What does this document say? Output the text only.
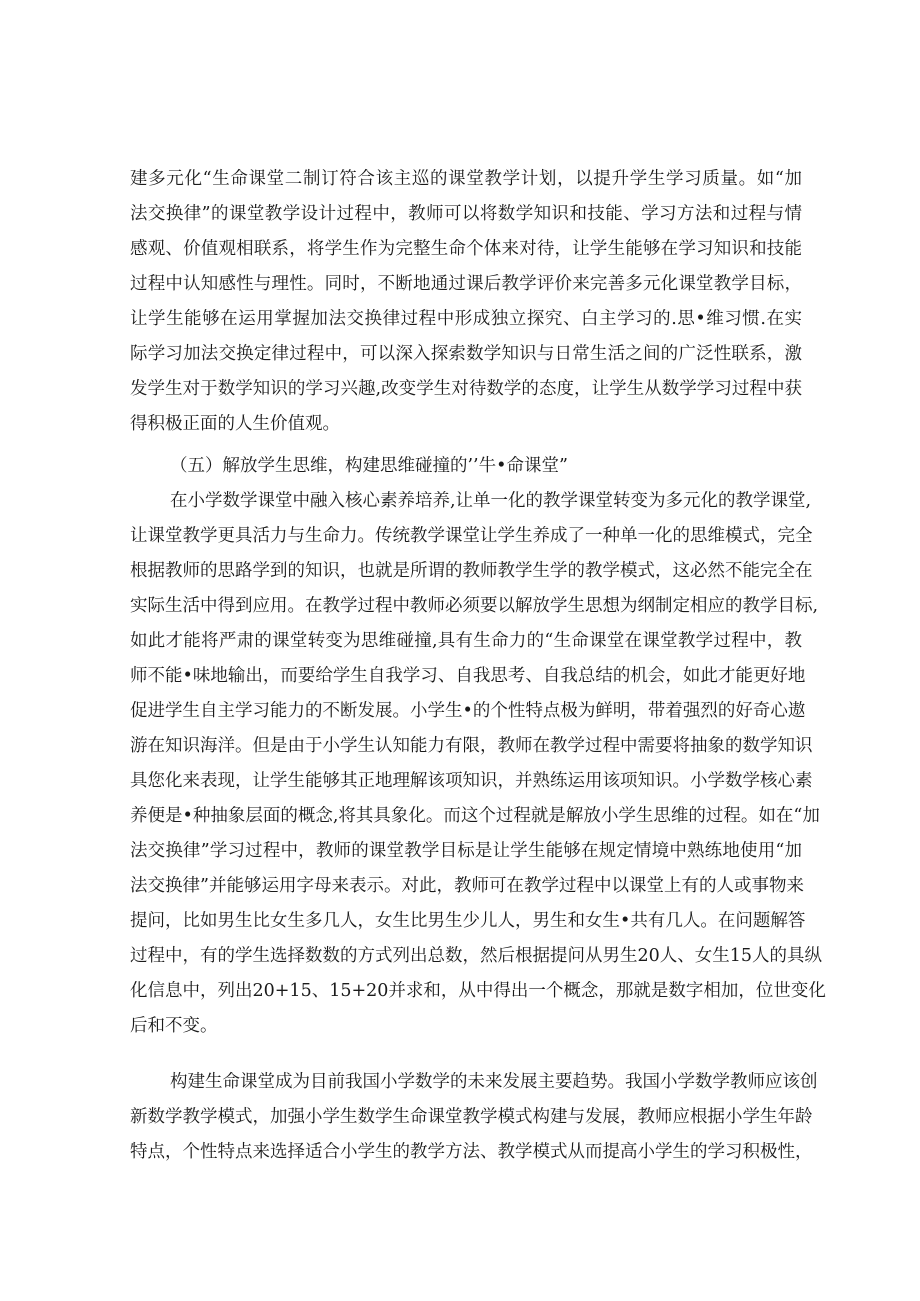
建多元化“生命课堂二制订符合该主巡的课堂教学计划，以提升学生学习质量。如“加
法交换律”的课堂教学设计过程中，教师可以将数学知识和技能、学习方法和过程与情
感观、价值观相联系，将学生作为完整生命个体来对待，让学生能够在学习知识和技能
过程中认知感性与理性。同时，不断地通过课后教学评价来完善多元化课堂教学目标，
让学生能够在运用掌握加法交换律过程中形成独立探究、白主学习的.思•维习惯.在实
际学习加法交换定律过程中，可以深入探索数学知识与日常生活之间的广泛性联系，激
发学生对于数学知识的学习兴趣,改变学生对待数学的态度，让学生从数学学习过程中获
得积极正面的人生价值观。
（五）解放学生思维，构建思维碰撞的’’牛•命课堂”
在小学数学课堂中融入核心素养培养,让单一化的教学课堂转变为多元化的教学课堂,
让课堂教学更具活力与生命力。传统教学课堂让学生养成了一种单一化的思维模式，完全
根据教师的思路学到的知识，也就是所谓的教师教学生学的教学模式，这必然不能完全在
实际生活中得到应用。在教学过程中教师必须要以解放学生思想为纲制定相应的教学目标,
如此才能将严肃的课堂转变为思维碰撞,具有生命力的“生命课堂在课堂教学过程中，教
师不能•味地输出，而要给学生自我学习、自我思考、自我总结的机会，如此才能更好地
促进学生自主学习能力的不断发展。小学生•的个性特点极为鲜明，带着强烈的好奇心遨
游在知识海洋。但是由于小学生认知能力有限，教师在教学过程中需要将抽象的数学知识
具您化来表现，让学生能够其正地理解该项知识，并熟练运用该项知识。小学数学核心素
养便是•种抽象层面的概念,将其具象化。而这个过程就是解放小学生思维的过程。如在“加
法交换律”学习过程中，教师的课堂教学目标是让学生能够在规定情境中熟练地使用“加
法交换律”并能够运用字母来表示。对此，教师可在教学过程中以课堂上有的人或事物来
提问，比如男生比女生多几人，女生比男生少儿人，男生和女生•共有几人。在问题解答
过程中，有的学生选择数数的方式列出总数，然后根据提问从男生20人、女生15人的具纵
化信息中，列出20+15、15+20并求和，从中得出一个概念，那就是数字相加，位世变化
后和不变。
构建生命课堂成为目前我国小学数学的未来发展主要趋势。我国小学数学教师应该创
新数学教学模式，加强小学生数学生命课堂教学模式构建与发展，教师应根据小学生年龄
特点，个性特点来选择适合小学生的教学方法、教学模式从而提高小学生的学习积极性，
